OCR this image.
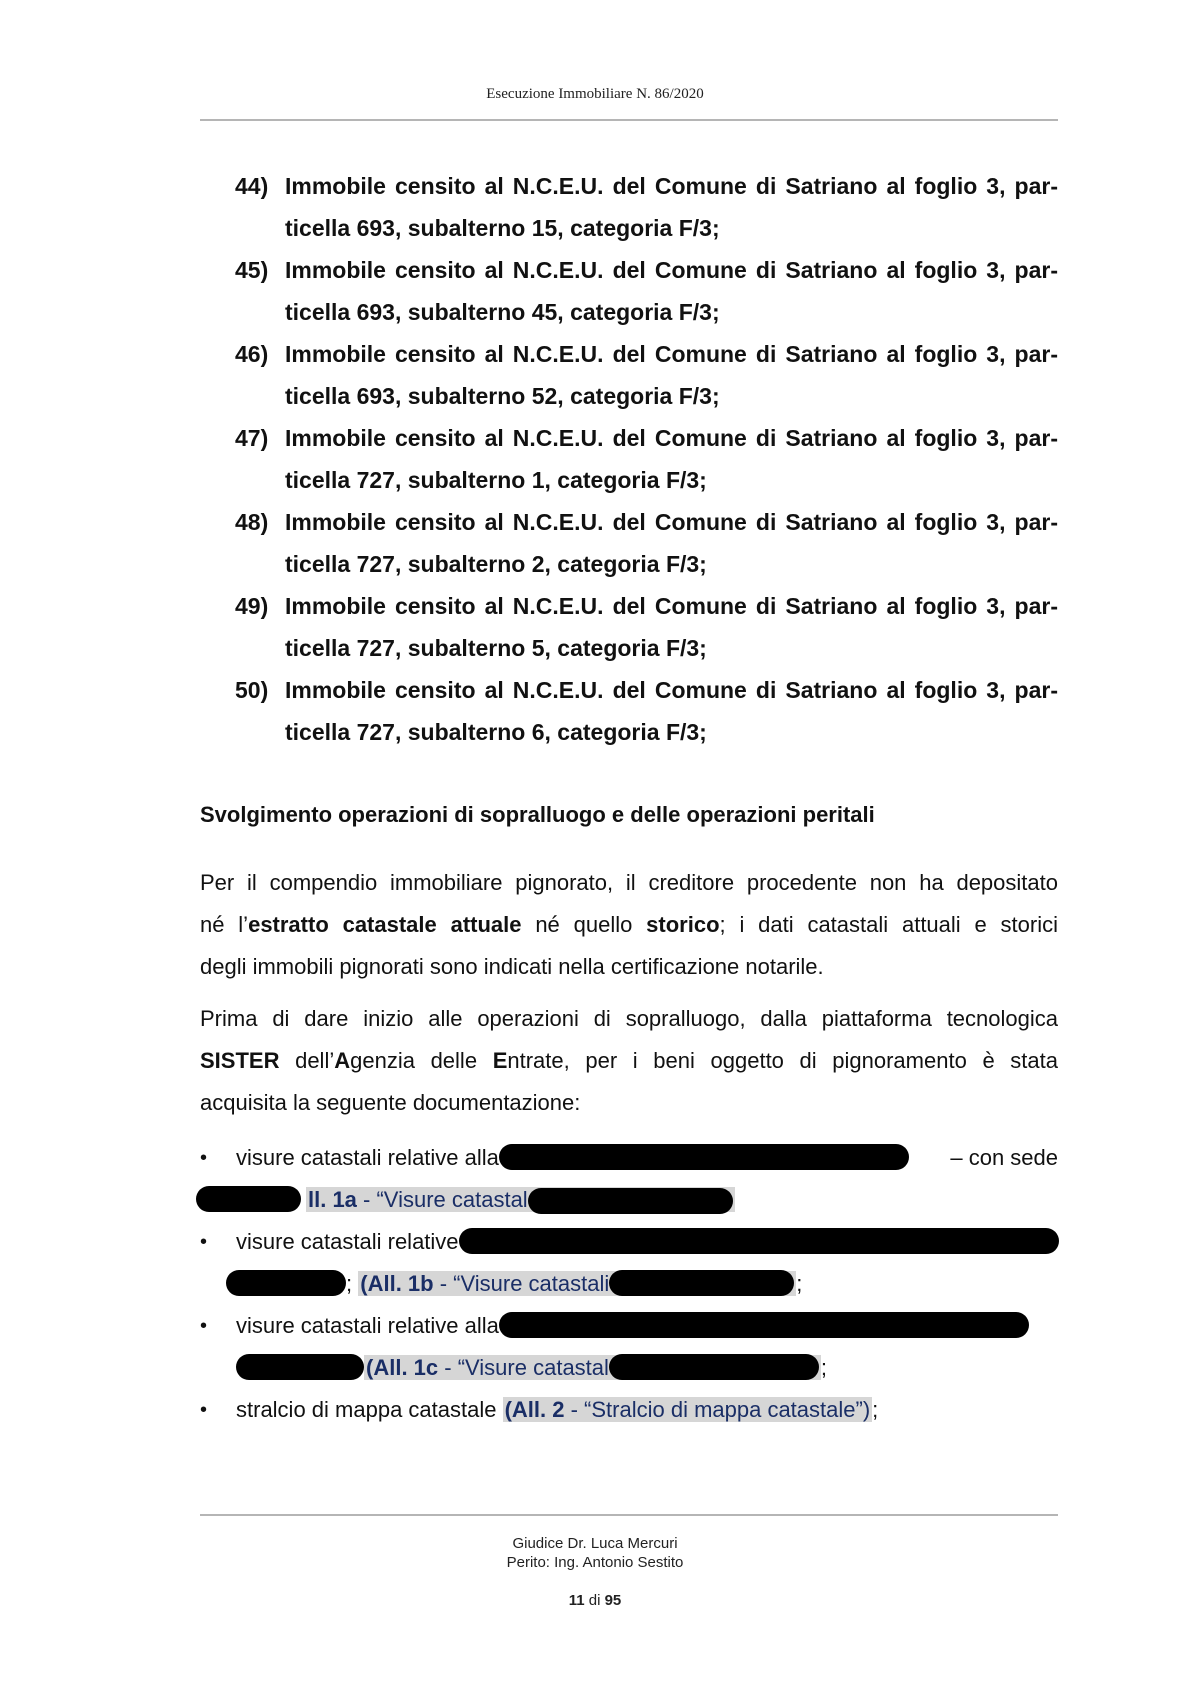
Esecuzione Immobiliare N. 86/2020
44) Immobile censito al N.C.E.U. del Comune di Satriano al foglio 3, par-
ticella 693, subalterno 15, categoria F/3;
45) Immobile censito al N.C.E.U. del Comune di Satriano al foglio 3, par-
ticella 693, subalterno 45, categoria F/3;
46) Immobile censito al N.C.E.U. del Comune di Satriano al foglio 3, par-
ticella 693, subalterno 52, categoria F/3;
47) Immobile censito al N.C.E.U. del Comune di Satriano al foglio 3, par-
ticella 727, subalterno 1, categoria F/3;
48) Immobile censito al N.C.E.U. del Comune di Satriano al foglio 3, par-
ticella 727, subalterno 2, categoria F/3;
49) Immobile censito al N.C.E.U. del Comune di Satriano al foglio 3, par-
ticella 727, subalterno 5, categoria F/3;
50) Immobile censito al N.C.E.U. del Comune di Satriano al foglio 3, par-
ticella 727, subalterno 6, categoria F/3;
Svolgimento operazioni di sopralluogo e delle operazioni peritali
Per il compendio immobiliare pignorato, il creditore procedente non ha depositato
né l’estratto catastale attuale né quello storico; i dati catastali attuali e storici
degli immobili pignorati sono indicati nella certificazione notarile.
Prima di dare inizio alle operazioni di sopralluogo, dalla piattaforma tecnologica
SISTER dell’Agenzia delle Entrate, per i beni oggetto di pignoramento è stata
acquisita la seguente documentazione:
• visure catastali relative alla	– con sede
ll. 1a - “Visure catastal
• visure catastali relative
; (All. 1b - “Visure catastali	;
• visure catastali relative alla
(All. 1c - “Visure catastal	;
• stralcio di mappa catastale (All. 2 - “Stralcio di mappa catastale”);
Giudice Dr. Luca Mercuri
Perito: Ing. Antonio Sestito
11 di 95
